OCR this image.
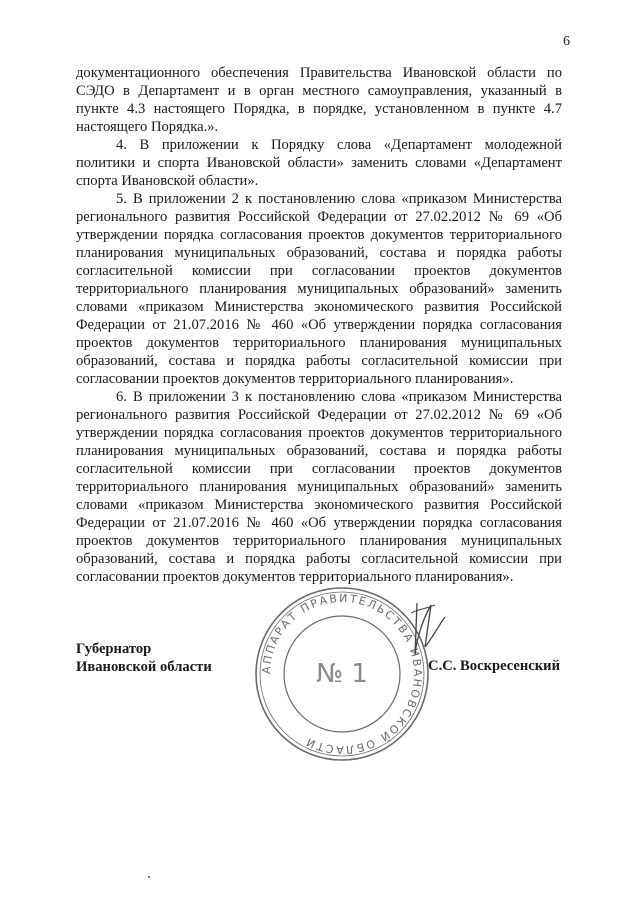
6

документационного обеспечения Правительства Ивановской области по СЭДО в Департамент и в орган местного самоуправления, указанный в пункте 4.3 настоящего Порядка, в порядке, установленном в пункте 4.7 настоящего Порядка.».

4. В приложении к Порядку слова «Департамент молодежной политики и спорта Ивановской области» заменить словами «Департамент спорта Ивановской области».

5. В приложении 2 к постановлению слова «приказом Министерства регионального развития Российской Федерации от 27.02.2012 № 69 «Об утверждении порядка согласования проектов документов территориального планирования муниципальных образований, состава и порядка работы согласительной комиссии при согласовании проектов документов территориального планирования муниципальных образований» заменить словами «приказом Министерства экономического развития Российской Федерации от 21.07.2016 № 460 «Об утверждении порядка согласования проектов документов территориального планирования муниципальных образований, состава и порядка работы согласительной комиссии при согласовании проектов документов территориального планирования».

6. В приложении 3 к постановлению слова «приказом Министерства регионального развития Российской Федерации от 27.02.2012 № 69 «Об утверждении порядка согласования проектов документов территориального планирования муниципальных образований, состава и порядка работы согласительной комиссии при согласовании проектов документов территориального планирования муниципальных образований» заменить словами «приказом Министерства экономического развития Российской Федерации от 21.07.2016 № 460 «Об утверждении порядка согласования проектов документов территориального планирования муниципальных образований, состава и порядка работы согласительной комиссии при согласовании проектов документов территориального планирования».

Губернатор
Ивановской области	С.С. Воскресенский
АППАРАТ ПРАВИТЕЛЬСТВА ИВАНОВСКОЙ ОБЛАСТИ
№ 1
